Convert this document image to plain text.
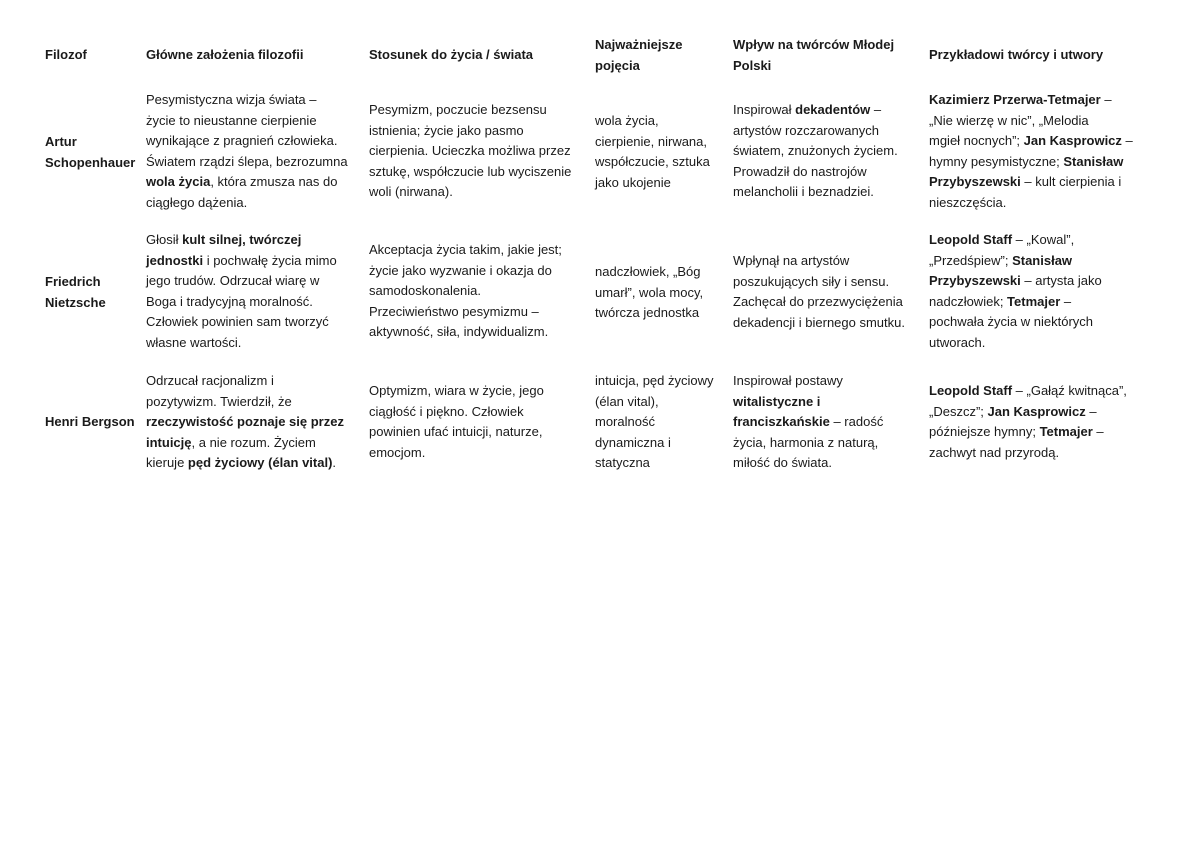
Filozof	Główne założenia filozofii	Stosunek do życia / świata
Najważniejsze
pojęcia
Wpływ na twórców Młodej
Polski
Przykładowi twórcy i utwory
Artur
Schopenhauer
Pesymistyczna wizja świata –
życie to nieustanne cierpienie
wynikające z pragnień człowieka.
Światem rządzi ślepa, bezrozumna
wola życia, która zmusza nas do
ciągłego dążenia.
Pesymizm, poczucie bezsensu
istnienia; życie jako pasmo
cierpienia. Ucieczka możliwa przez
sztukę, współczucie lub wyciszenie
woli (nirwana).
wola życia,
cierpienie, nirwana,
współczucie, sztuka
jako ukojenie
Inspirował dekadentów –
artystów rozczarowanych
światem, znużonych życiem.
Prowadził do nastrojów
melancholii i beznadziei.
Kazimierz Przerwa-Tetmajer –
„Nie wierzę w nic”, „Melodia
mgieł nocnych”; Jan Kasprowicz –
hymny pesymistyczne; Stanisław
Przybyszewski – kult cierpienia i
nieszczęścia.
Friedrich
Nietzsche
Głosił kult silnej, twórczej
jednostki i pochwałę życia mimo
jego trudów. Odrzucał wiarę w
Boga i tradycyjną moralność.
Człowiek powinien sam tworzyć
własne wartości.
Akceptacja życia takim, jakie jest;
życie jako wyzwanie i okazja do
samodoskonalenia.
Przeciwieństwo pesymizmu –
aktywność, siła, indywidualizm.
nadczłowiek, „Bóg
umarł”, wola mocy,
twórcza jednostka
Wpłynął na artystów
poszukujących siły i sensu.
Zachęcał do przezwyciężenia
dekadencji i biernego smutku.
Leopold Staff – „Kowal”,
„Przedśpiew”; Stanisław
Przybyszewski – artysta jako
nadczłowiek; Tetmajer –
pochwała życia w niektórych
utworach.
Henri Bergson
Odrzucał racjonalizm i
pozytywizm. Twierdził, że
rzeczywistość poznaje się przez
intuicję, a nie rozum. Życiem
kieruje pęd życiowy (élan vital).
Optymizm, wiara w życie, jego
ciągłość i piękno. Człowiek
powinien ufać intuicji, naturze,
emocjom.
intuicja, pęd życiowy
(élan vital),
moralność
dynamiczna i
statyczna
Inspirował postawy
witalistyczne i
franciszkańskie – radość
życia, harmonia z naturą,
miłość do świata.
Leopold Staff – „Gałąź kwitnąca”,
„Deszcz”; Jan Kasprowicz –
późniejsze hymny; Tetmajer –
zachwyt nad przyrodą.
